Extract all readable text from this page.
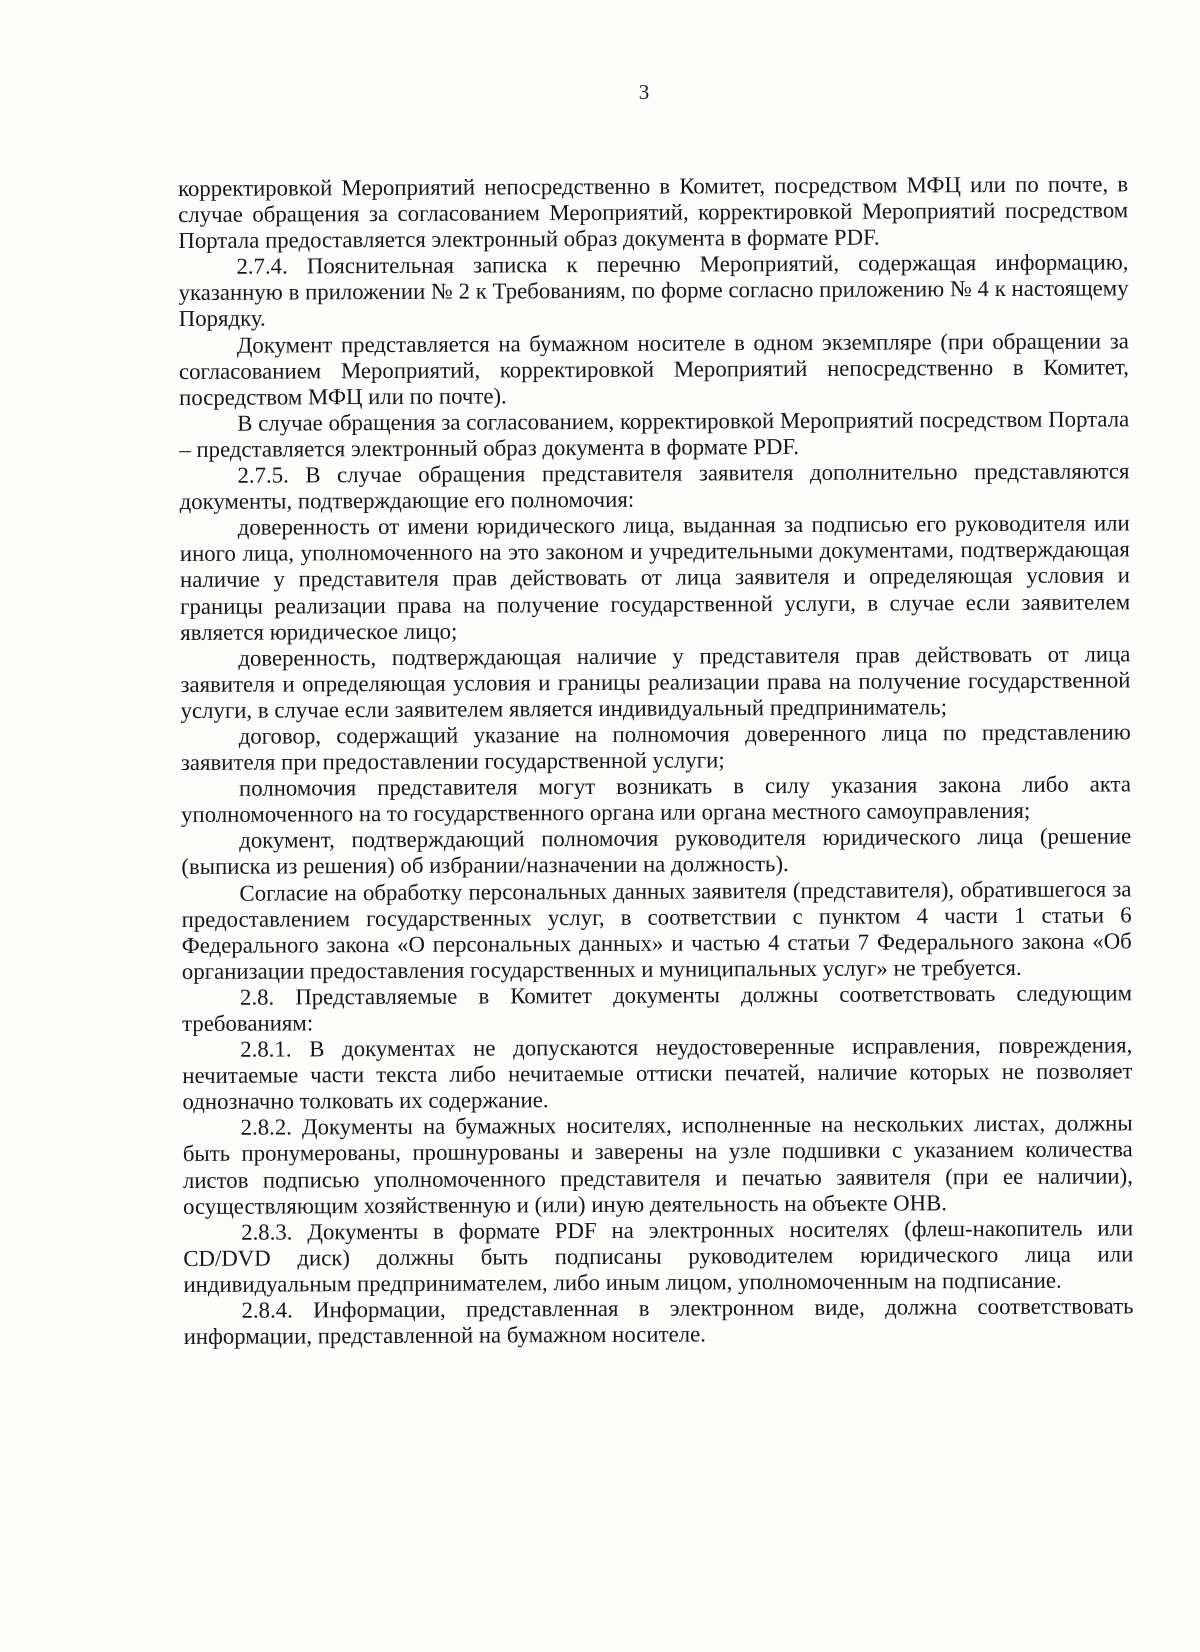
3

корректировкой Мероприятий непосредственно в Комитет, посредством МФЦ или по почте, в случае обращения за согласованием Мероприятий, корректировкой Мероприятий посредством Портала предоставляется электронный образ документа в формате PDF.

2.7.4. Пояснительная записка к перечню Мероприятий, содержащая информацию, указанную в приложении № 2 к Требованиям, по форме согласно приложению № 4 к настоящему Порядку.

Документ представляется на бумажном носителе в одном экземпляре (при обращении за согласованием Мероприятий, корректировкой Мероприятий непосредственно в Комитет, посредством МФЦ или по почте).

В случае обращения за согласованием, корректировкой Мероприятий посредством Портала – представляется электронный образ документа в формате PDF.

2.7.5. В случае обращения представителя заявителя дополнительно представляются документы, подтверждающие его полномочия:

доверенность от имени юридического лица, выданная за подписью его руководителя или иного лица, уполномоченного на это законом и учредительными документами, подтверждающая наличие у представителя прав действовать от лица заявителя и определяющая условия и границы реализации права на получение государственной услуги, в случае если заявителем является юридическое лицо;

доверенность, подтверждающая наличие у представителя прав действовать от лица заявителя и определяющая условия и границы реализации права на получение государственной услуги, в случае если заявителем является индивидуальный предприниматель;

договор, содержащий указание на полномочия доверенного лица по представлению заявителя при предоставлении государственной услуги;

полномочия представителя могут возникать в силу указания закона либо акта уполномоченного на то государственного органа или органа местного самоуправления;

документ, подтверждающий полномочия руководителя юридического лица (решение (выписка из решения) об избрании/назначении на должность).

Согласие на обработку персональных данных заявителя (представителя), обратившегося за предоставлением государственных услуг, в соответствии с пунктом 4 части 1 статьи 6 Федерального закона «О персональных данных» и частью 4 статьи 7 Федерального закона «Об организации предоставления государственных и муниципальных услуг» не требуется.

2.8. Представляемые в Комитет документы должны соответствовать следующим требованиям:

2.8.1. В документах не допускаются неудостоверенные исправления, повреждения, нечитаемые части текста либо нечитаемые оттиски печатей, наличие которых не позволяет однозначно толковать их содержание.

2.8.2. Документы на бумажных носителях, исполненные на нескольких листах, должны быть пронумерованы, прошнурованы и заверены на узле подшивки с указанием количества листов подписью уполномоченного представителя и печатью заявителя (при ее наличии), осуществляющим хозяйственную и (или) иную деятельность на объекте ОНВ.

2.8.3. Документы в формате PDF на электронных носителях (флеш-накопитель или CD/DVD диск) должны быть подписаны руководителем юридического лица или индивидуальным предпринимателем, либо иным лицом, уполномоченным на подписание.

2.8.4. Информации, представленная в электронном виде, должна соответствовать информации, представленной на бумажном носителе.
